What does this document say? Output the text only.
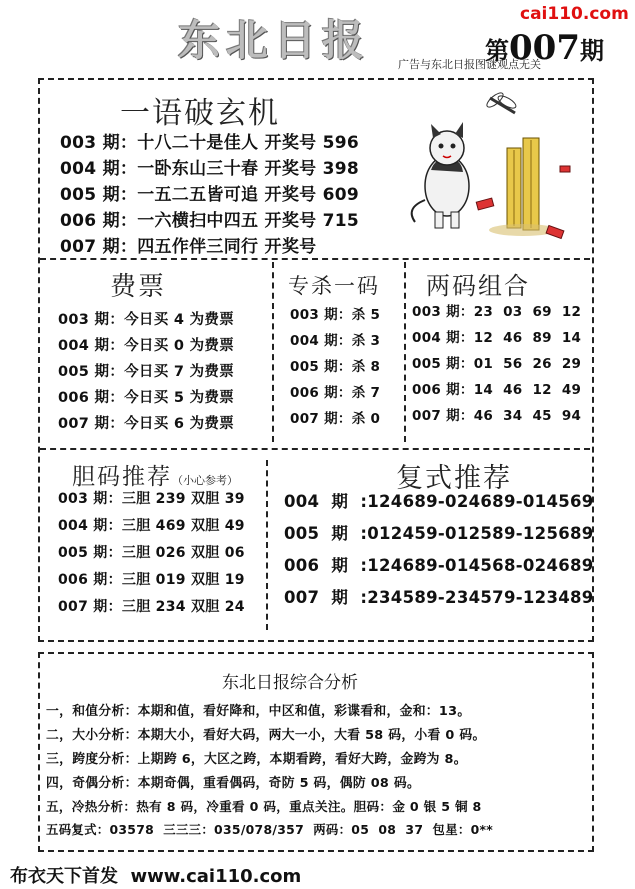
东北日报
cai110.com
第007期
广告与东北日报图谜观点无关
一语破玄机
003 期：十八二十是佳人 开奖号 596
004 期：一卧东山三十春 开奖号 398
005 期：一五二五皆可追 开奖号 609
006 期：一六横扫中四五 开奖号 715
007 期：四五作伴三同行 开奖号
费票
003 期：今日买 4 为费票
004 期：今日买 0 为费票
005 期：今日买 7 为费票
006 期：今日买 5 为费票
007 期：今日买 6 为费票
专杀一码
003 期：杀 5
004 期：杀 3
005 期：杀 8
006 期：杀 7
007 期：杀 0
两码组合
003 期：23  03  69  12
004 期：12  46  89  14
005 期：01  56  26  29
006 期：14  46  12  49
007 期：46  34  45  94
胆码推荐（小心参考）
003 期：三胆 239 双胆 39
004 期：三胆 469 双胆 49
005 期：三胆 026 双胆 06
006 期：三胆 019 双胆 19
007 期：三胆 234 双胆 24
复式推荐
004  期 :124689-024689-014569
005  期 :012459-012589-125689
006  期 :124689-014568-024689
007  期 :234589-234579-123489
东北日报综合分析
一，和值分析：本期和值，看好降和，中区和值，彩谍看和，金和：13。
二，大小分析：本期大小，看好大码，两大一小，大看 58 码，小看 0 码。
三，跨度分析：上期跨 6，大区之跨，本期看跨，看好大跨，金跨为 8。
四，奇偶分析：本期奇偶，重看偶码，奇防 5 码，偶防 08 码。
五，冷热分析：热有 8 码，冷重看 0 码，重点关注。胆码：金 0 银 5 铜 8
五码复式：03578  三三三：035/078/357  两码：05  08  37  包星：0**
布衣天下首发  www.cai110.com
